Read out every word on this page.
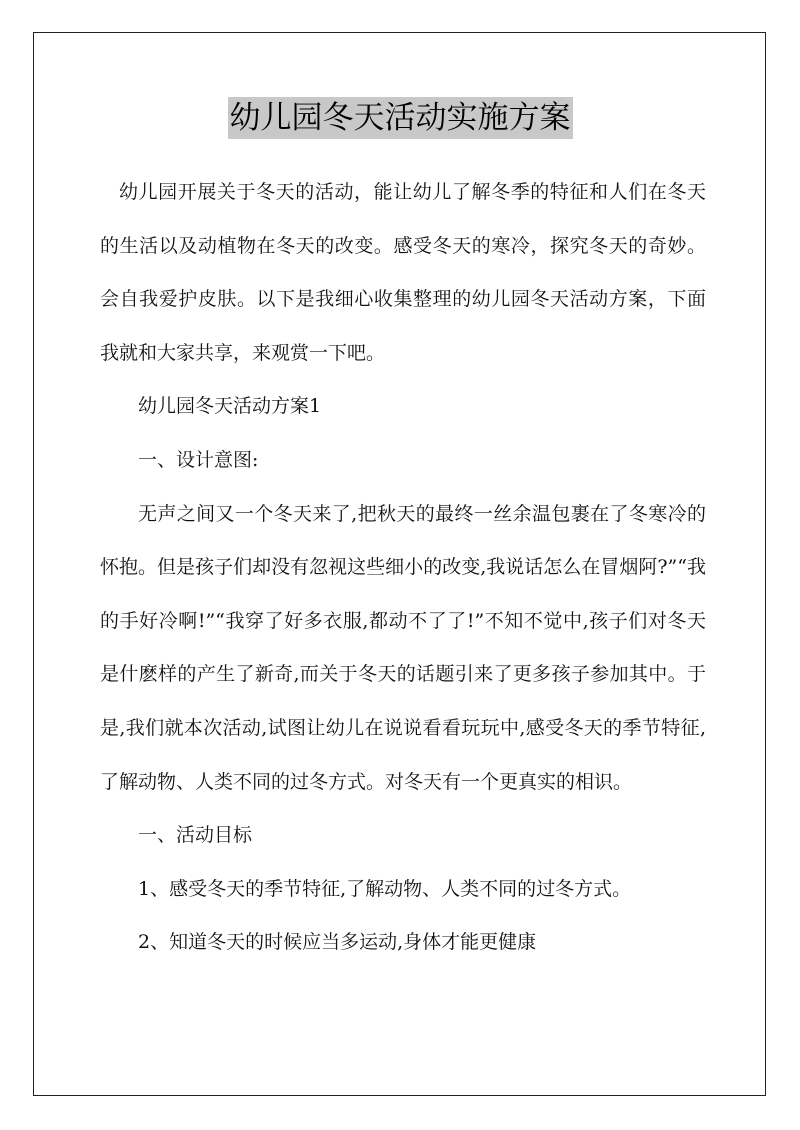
幼儿园冬天活动实施方案

幼儿园开展关于冬天的活动，能让幼儿了解冬季的特征和人们在冬天的生活以及动植物在冬天的改变。感受冬天的寒冷，探究冬天的奇妙。会自我爱护皮肤。以下是我细心收集整理的幼儿园冬天活动方案，下面我就和大家共享，来观赏一下吧。

幼儿园冬天活动方案1

一、设计意图:

无声之间又一个冬天来了,把秋天的最终一丝余温包裹在了冬寒冷的怀抱。但是孩子们却没有忽视这些细小的改变,我说话怎么在冒烟阿?”“我的手好冷啊!”“我穿了好多衣服,都动不了了!”不知不觉中,孩子们对冬天是什麽样的产生了新奇,而关于冬天的话题引来了更多孩子参加其中。于是,我们就本次活动,试图让幼儿在说说看看玩玩中,感受冬天的季节特征,了解动物、人类不同的过冬方式。对冬天有一个更真实的相识。

一、活动目标

1、感受冬天的季节特征,了解动物、人类不同的过冬方式。

2、知道冬天的时候应当多运动,身体才能更健康
